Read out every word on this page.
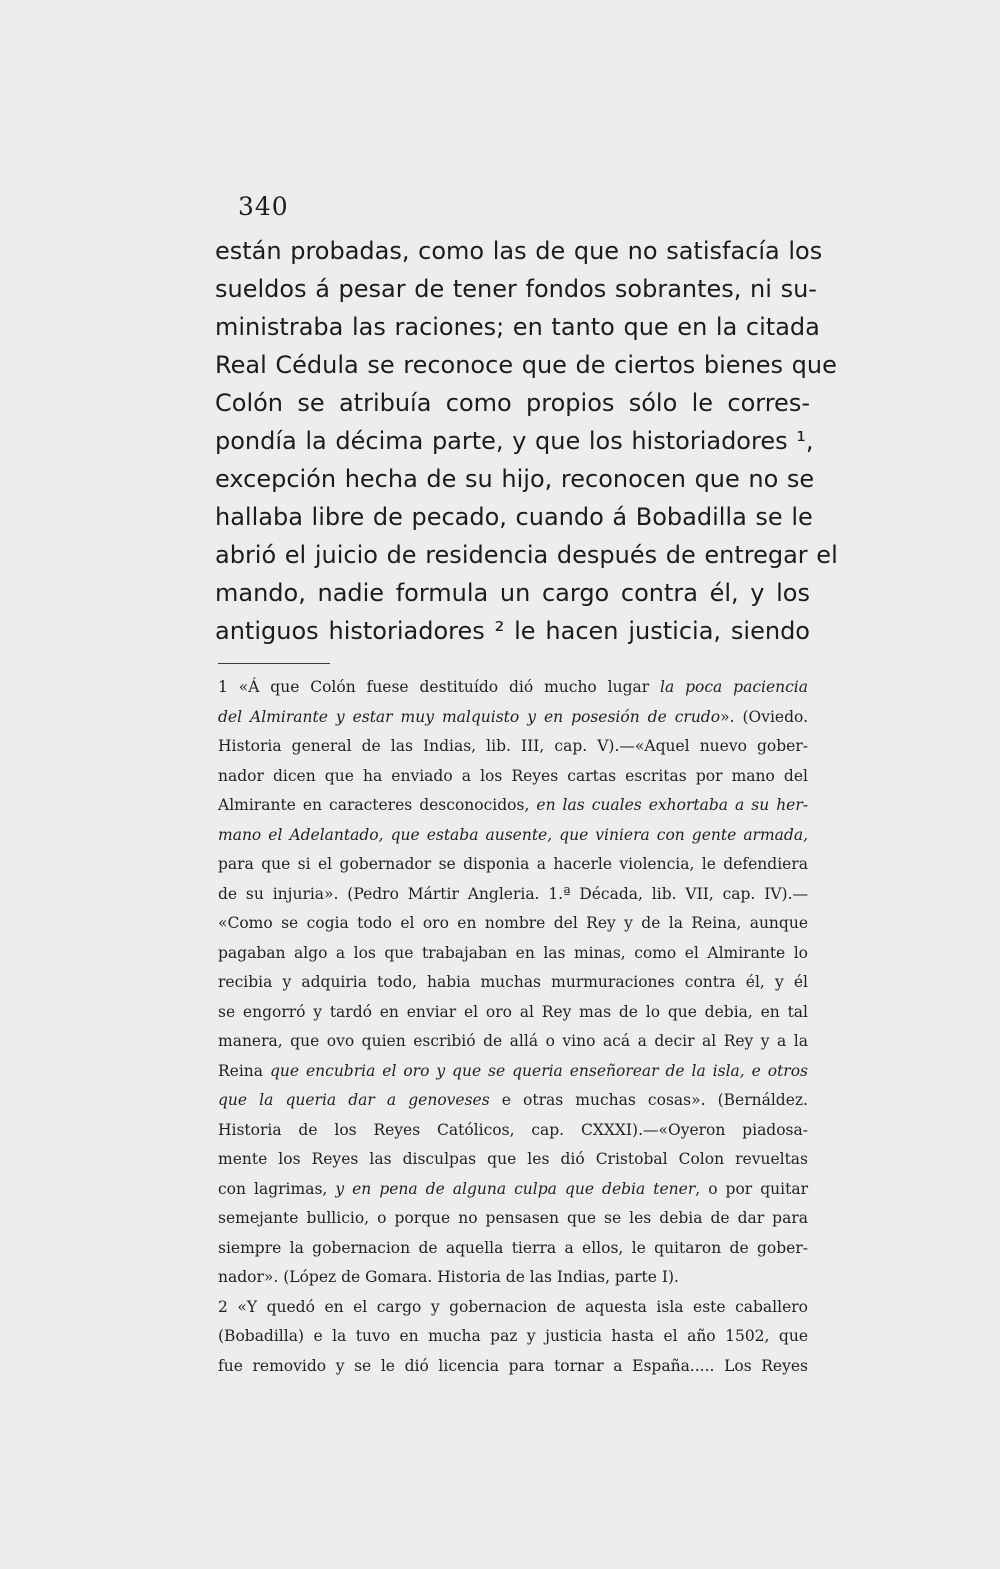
340
están probadas, como las de que no satisfacía los
sueldos á pesar de tener fondos sobrantes, ni su-
ministraba las raciones; en tanto que en la citada
Real Cédula se reconoce que de ciertos bienes que
Colón se atribuía como propios sólo le corres-
pondía la décima parte, y que los historiadores ¹,
excepción hecha de su hijo, reconocen que no se
hallaba libre de pecado, cuando á Bobadilla se le
abrió el juicio de residencia después de entregar el
mando, nadie formula un cargo contra él, y los
antiguos historiadores ² le hacen justicia, siendo
1 «Á que Colón fuese destituído dió mucho lugar la poca paciencia
del Almirante y estar muy malquisto y en posesión de crudo». (Oviedo.
Historia general de las Indias, lib. III, cap. V).—«Aquel nuevo gober-
nador dicen que ha enviado a los Reyes cartas escritas por mano del
Almirante en caracteres desconocidos, en las cuales exhortaba a su her-
mano el Adelantado, que estaba ausente, que viniera con gente armada,
para que si el gobernador se disponia a hacerle violencia, le defendiera
de su injuria». (Pedro Mártir Angleria. 1.ª Década, lib. VII, cap. IV).—
«Como se cogia todo el oro en nombre del Rey y de la Reina, aunque
pagaban algo a los que trabajaban en las minas, como el Almirante lo
recibia y adquiria todo, habia muchas murmuraciones contra él, y él
se engorró y tardó en enviar el oro al Rey mas de lo que debia, en tal
manera, que ovo quien escribió de allá o vino acá a decir al Rey y a la
Reina que encubria el oro y que se queria enseñorear de la isla, e otros
que la queria dar a genoveses e otras muchas cosas». (Bernáldez.
Historia de los Reyes Católicos, cap. CXXXI).—«Oyeron piadosa-
mente los Reyes las disculpas que les dió Cristobal Colon revueltas
con lagrimas, y en pena de alguna culpa que debia tener, o por quitar
semejante bullicio, o porque no pensasen que se les debia de dar para
siempre la gobernacion de aquella tierra a ellos, le quitaron de gober-
nador». (López de Gomara. Historia de las Indias, parte I).
2 «Y quedó en el cargo y gobernacion de aquesta isla este caballero
(Bobadilla) e la tuvo en mucha paz y justicia hasta el año 1502, que
fue removido y se le dió licencia para tornar a España..... Los Reyes
